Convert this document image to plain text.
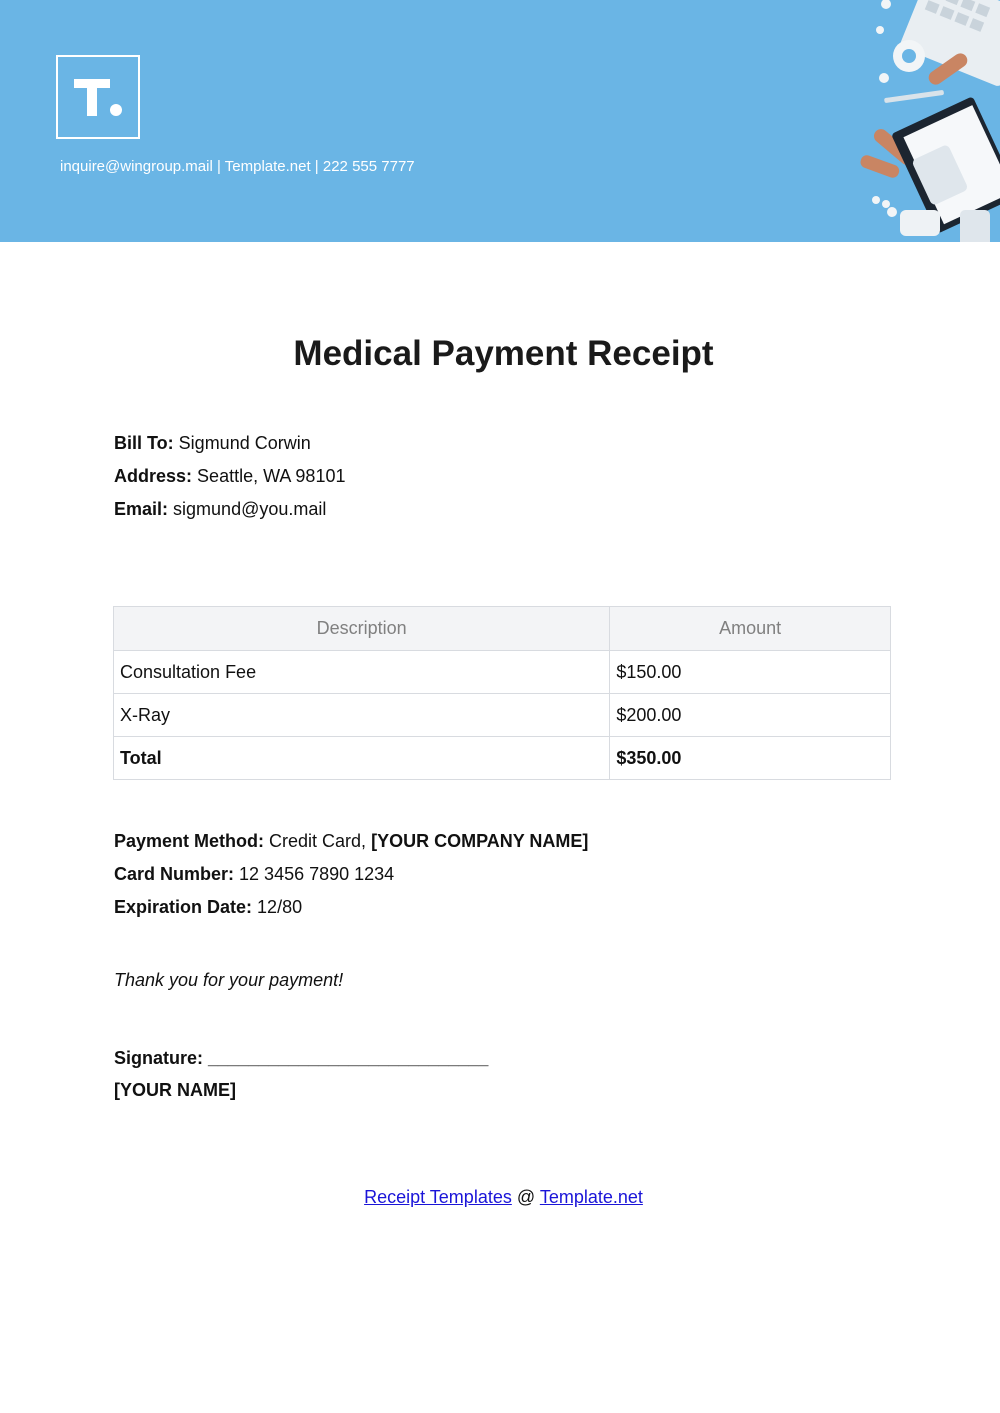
inquire@wingroup.mail | Template.net | 222 555 7777
Medical Payment Receipt
Bill To: Sigmund Corwin
Address: Seattle, WA 98101
Email: sigmund@you.mail
Description	Amount
Consultation Fee	$150.00
X-Ray	$200.00
Total	$350.00
Payment Method: Credit Card, [YOUR COMPANY NAME]
Card Number: 12 3456 7890 1234
Expiration Date: 12/80
Thank you for your payment!
Signature: ____________________________
[YOUR NAME]
Receipt Templates @ Template.net
